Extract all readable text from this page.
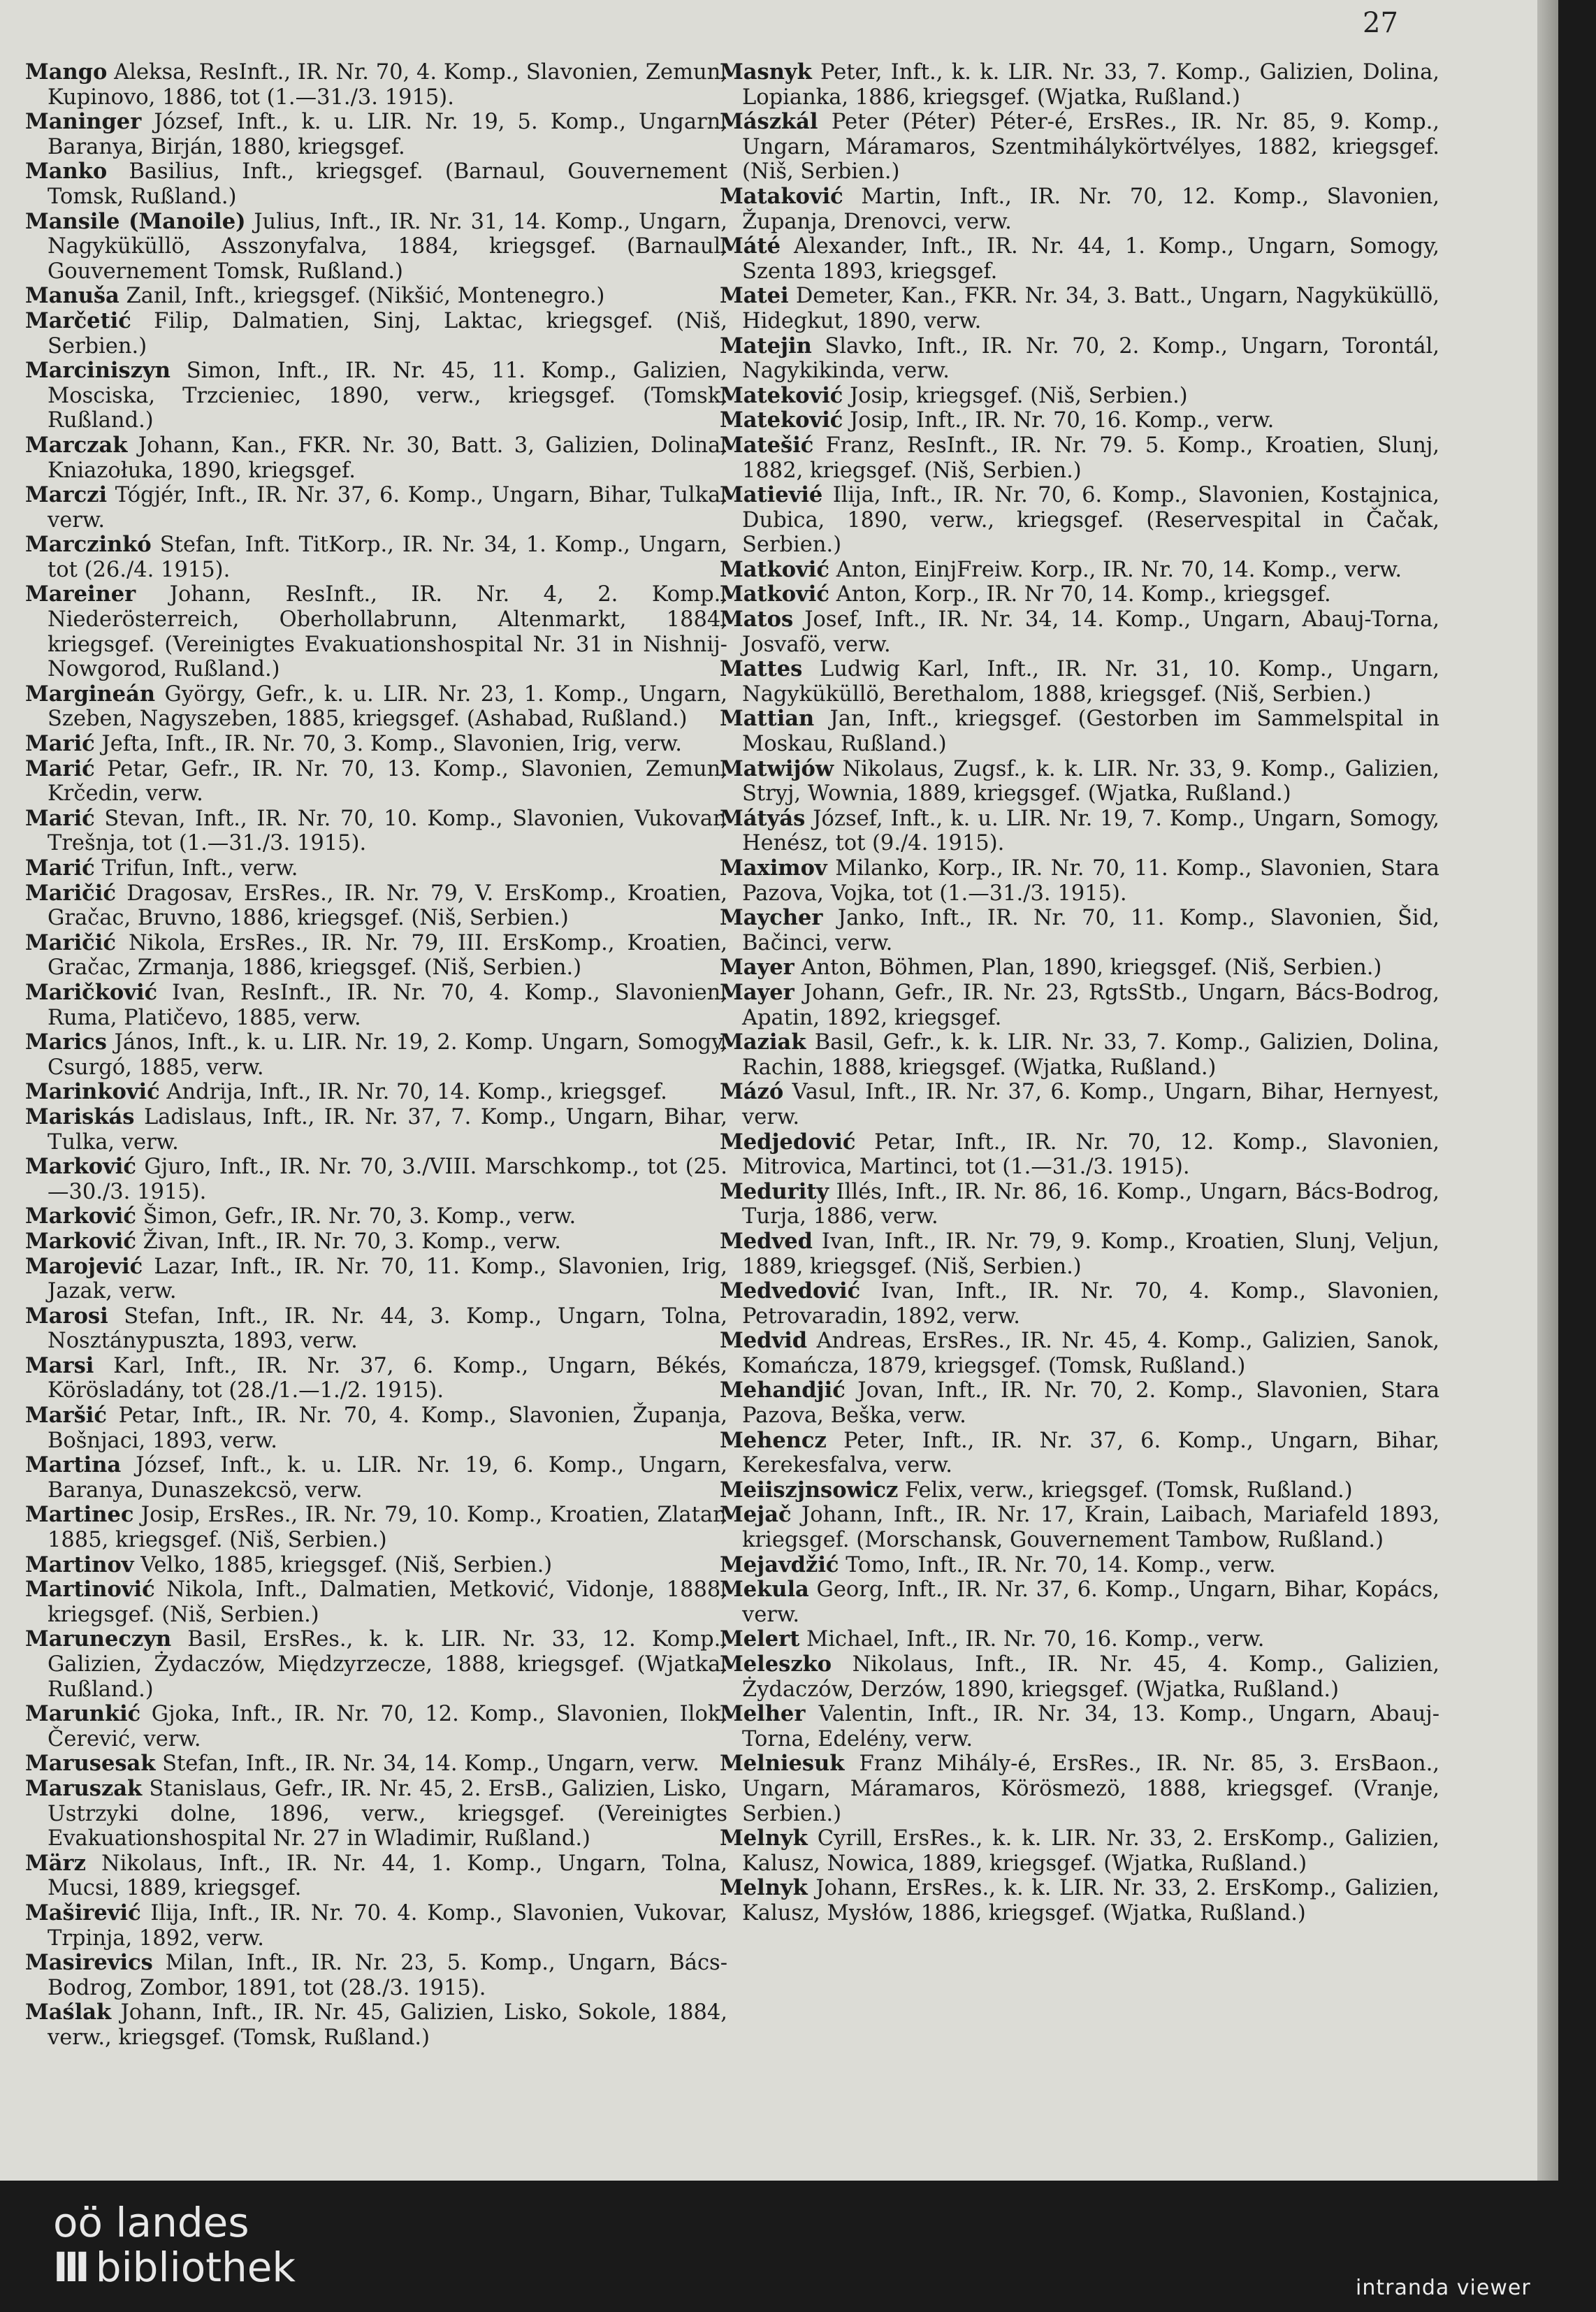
27

Mango Aleksa, ResInft., IR. Nr. 70, 4. Komp., Slavonien, Zemun, Kupinovo, 1886, tot (1.—31./3. 1915).

Maninger József, Inft., k. u. LIR. Nr. 19, 5. Komp., Ungarn, Baranya, Birján, 1880, kriegsgef.

Manko Basilius, Inft., kriegsgef. (Barnaul, Gouvernement Tomsk, Rußland.)

Mansile (Manoile) Julius, Inft., IR. Nr. 31, 14. Komp., Ungarn, Nagyküküllö, Asszonyfalva, 1884, kriegsgef. (Barnaul, Gouvernement Tomsk, Rußland.)

Manuša Zanil, Inft., kriegsgef. (Nikšić, Montenegro.)

Marčetić Filip, Dalmatien, Sinj, Laktac, kriegsgef. (Niš, Serbien.)

Marciniszyn Simon, Inft., IR. Nr. 45, 11. Komp., Galizien, Mosciska, Trzcieniec, 1890, verw., kriegsgef. (Tomsk, Rußland.)

Marczak Johann, Kan., FKR. Nr. 30, Batt. 3, Galizien, Dolina, Kniazołuka, 1890, kriegsgef.

Marczi Tógjér, Inft., IR. Nr. 37, 6. Komp., Ungarn, Bihar, Tulka, verw.

Marczinkó Stefan, Inft. TitKorp., IR. Nr. 34, 1. Komp., Ungarn, tot (26./4. 1915).

Mareiner Johann, ResInft., IR. Nr. 4, 2. Komp., Niederösterreich, Oberhollabrunn, Altenmarkt, 1884, kriegsgef. (Vereinigtes Evakuationshospital Nr. 31 in Nishnij-Nowgorod, Rußland.)

Margineán György, Gefr., k. u. LIR. Nr. 23, 1. Komp., Ungarn, Szeben, Nagyszeben, 1885, kriegsgef. (Ashabad, Rußland.)

Marić Jefta, Inft., IR. Nr. 70, 3. Komp., Slavonien, Irig, verw.

Marić Petar, Gefr., IR. Nr. 70, 13. Komp., Slavonien, Zemun, Krčedin, verw.

Marić Stevan, Inft., IR. Nr. 70, 10. Komp., Slavonien, Vukovar, Trešnja, tot (1.—31./3. 1915).

Marić Trifun, Inft., verw.

Maričić Dragosav, ErsRes., IR. Nr. 79, V. ErsKomp., Kroatien, Gračac, Bruvno, 1886, kriegsgef. (Niš, Serbien.)

Maričić Nikola, ErsRes., IR. Nr. 79, III. ErsKomp., Kroatien, Gračac, Zrmanja, 1886, kriegsgef. (Niš, Serbien.)

Maričković Ivan, ResInft., IR. Nr. 70, 4. Komp., Slavonien, Ruma, Platičevo, 1885, verw.

Marics János, Inft., k. u. LIR. Nr. 19, 2. Komp. Ungarn, Somogy, Csurgó, 1885, verw.

Marinković Andrija, Inft., IR. Nr. 70, 14. Komp., kriegsgef.

Mariskás Ladislaus, Inft., IR. Nr. 37, 7. Komp., Ungarn, Bihar, Tulka, verw.

Marković Gjuro, Inft., IR. Nr. 70, 3./VIII. Marschkomp., tot (25.—30./3. 1915).

Marković Šimon, Gefr., IR. Nr. 70, 3. Komp., verw.

Marković Živan, Inft., IR. Nr. 70, 3. Komp., verw.

Marojević Lazar, Inft., IR. Nr. 70, 11. Komp., Slavonien, Irig, Jazak, verw.

Marosi Stefan, Inft., IR. Nr. 44, 3. Komp., Ungarn, Tolna, Nosztánypuszta, 1893, verw.

Marsi Karl, Inft., IR. Nr. 37, 6. Komp., Ungarn, Békés, Körösladány, tot (28./1.—1./2. 1915).

Maršić Petar, Inft., IR. Nr. 70, 4. Komp., Slavonien, Županja, Bošnjaci, 1893, verw.

Martina József, Inft., k. u. LIR. Nr. 19, 6. Komp., Ungarn, Baranya, Dunaszekcsö, verw.

Martinec Josip, ErsRes., IR. Nr. 79, 10. Komp., Kroatien, Zlatar, 1885, kriegsgef. (Niš, Serbien.)

Martinov Velko, 1885, kriegsgef. (Niš, Serbien.)

Martinović Nikola, Inft., Dalmatien, Metković, Vidonje, 1888, kriegsgef. (Niš, Serbien.)

Maruneczyn Basil, ErsRes., k. k. LIR. Nr. 33, 12. Komp., Galizien, Żydaczów, Międzyrzecze, 1888, kriegsgef. (Wjatka, Rußland.)

Marunkić Gjoka, Inft., IR. Nr. 70, 12. Komp., Slavonien, Ilok, Čerević, verw.

Marusesak Stefan, Inft., IR. Nr. 34, 14. Komp., Ungarn, verw.

Maruszak Stanislaus, Gefr., IR. Nr. 45, 2. ErsB., Galizien, Lisko, Ustrzyki dolne, 1896, verw., kriegsgef. (Vereinigtes Evakuationshospital Nr. 27 in Wladimir, Rußland.)

März Nikolaus, Inft., IR. Nr. 44, 1. Komp., Ungarn, Tolna, Mucsi, 1889, kriegsgef.

Maširević Ilija, Inft., IR. Nr. 70. 4. Komp., Slavonien, Vukovar, Trpinja, 1892, verw.

Masirevics Milan, Inft., IR. Nr. 23, 5. Komp., Ungarn, Bács-Bodrog, Zombor, 1891, tot (28./3. 1915).

Maślak Johann, Inft., IR. Nr. 45, Galizien, Lisko, Sokole, 1884, verw., kriegsgef. (Tomsk, Rußland.)

Masnyk Peter, Inft., k. k. LIR. Nr. 33, 7. Komp., Galizien, Dolina, Lopianka, 1886, kriegsgef. (Wjatka, Rußland.)

Mászkál Peter (Péter) Péter-é, ErsRes., IR. Nr. 85, 9. Komp., Ungarn, Máramaros, Szentmihálykörtvélyes, 1882, kriegsgef. (Niš, Serbien.)

Mataković Martin, Inft., IR. Nr. 70, 12. Komp., Slavonien, Županja, Drenovci, verw.

Máté Alexander, Inft., IR. Nr. 44, 1. Komp., Ungarn, Somogy, Szenta 1893, kriegsgef.

Matei Demeter, Kan., FKR. Nr. 34, 3. Batt., Ungarn, Nagyküküllö, Hidegkut, 1890, verw.

Matejin Slavko, Inft., IR. Nr. 70, 2. Komp., Ungarn, Torontál, Nagykikinda, verw.

Mateković Josip, kriegsgef. (Niš, Serbien.)

Mateković Josip, Inft., IR. Nr. 70, 16. Komp., verw.

Matešić Franz, ResInft., IR. Nr. 79. 5. Komp., Kroatien, Slunj, 1882, kriegsgef. (Niš, Serbien.)

Matievié Ilija, Inft., IR. Nr. 70, 6. Komp., Slavonien, Kostajnica, Dubica, 1890, verw., kriegsgef. (Reservespital in Čačak, Serbien.)

Matković Anton, EinjFreiw. Korp., IR. Nr. 70, 14. Komp., verw.

Matković Anton, Korp., IR. Nr 70, 14. Komp., kriegsgef.

Matos Josef, Inft., IR. Nr. 34, 14. Komp., Ungarn, Abauj-Torna, Josvafö, verw.

Mattes Ludwig Karl, Inft., IR. Nr. 31, 10. Komp., Ungarn, Nagyküküllö, Berethalom, 1888, kriegsgef. (Niš, Serbien.)

Mattian Jan, Inft., kriegsgef. (Gestorben im Sammelspital in Moskau, Rußland.)

Matwijów Nikolaus, Zugsf., k. k. LIR. Nr. 33, 9. Komp., Galizien, Stryj, Wownia, 1889, kriegsgef. (Wjatka, Rußland.)

Mátyás József, Inft., k. u. LIR. Nr. 19, 7. Komp., Ungarn, Somogy, Henész, tot (9./4. 1915).

Maximov Milanko, Korp., IR. Nr. 70, 11. Komp., Slavonien, Stara Pazova, Vojka, tot (1.—31./3. 1915).

Maycher Janko, Inft., IR. Nr. 70, 11. Komp., Slavonien, Šid, Bačinci, verw.

Mayer Anton, Böhmen, Plan, 1890, kriegsgef. (Niš, Serbien.)

Mayer Johann, Gefr., IR. Nr. 23, RgtsStb., Ungarn, Bács-Bodrog, Apatin, 1892, kriegsgef.

Maziak Basil, Gefr., k. k. LIR. Nr. 33, 7. Komp., Galizien, Dolina, Rachin, 1888, kriegsgef. (Wjatka, Rußland.)

Mázó Vasul, Inft., IR. Nr. 37, 6. Komp., Ungarn, Bihar, Hernyest, verw.

Medjedović Petar, Inft., IR. Nr. 70, 12. Komp., Slavonien, Mitrovica, Martinci, tot (1.—31./3. 1915).

Medurity Illés, Inft., IR. Nr. 86, 16. Komp., Ungarn, Bács-Bodrog, Turja, 1886, verw.

Medved Ivan, Inft., IR. Nr. 79, 9. Komp., Kroatien, Slunj, Veljun, 1889, kriegsgef. (Niš, Serbien.)

Medvedović Ivan, Inft., IR. Nr. 70, 4. Komp., Slavonien, Petrovaradin, 1892, verw.

Medvid Andreas, ErsRes., IR. Nr. 45, 4. Komp., Galizien, Sanok, Komańcza, 1879, kriegsgef. (Tomsk, Rußland.)

Mehandjić Jovan, Inft., IR. Nr. 70, 2. Komp., Slavonien, Stara Pazova, Beška, verw.

Mehencz Peter, Inft., IR. Nr. 37, 6. Komp., Ungarn, Bihar, Kerekesfalva, verw.

Meiiszjnsowicz Felix, verw., kriegsgef. (Tomsk, Rußland.)

Mejač Johann, Inft., IR. Nr. 17, Krain, Laibach, Mariafeld 1893, kriegsgef. (Morschansk, Gouvernement Tambow, Rußland.)

Mejavdžić Tomo, Inft., IR. Nr. 70, 14. Komp., verw.

Mekula Georg, Inft., IR. Nr. 37, 6. Komp., Ungarn, Bihar, Kopács, verw.

Melert Michael, Inft., IR. Nr. 70, 16. Komp., verw.

Meleszko Nikolaus, Inft., IR. Nr. 45, 4. Komp., Galizien, Żydaczów, Derzów, 1890, kriegsgef. (Wjatka, Rußland.)

Melher Valentin, Inft., IR. Nr. 34, 13. Komp., Ungarn, Abauj-Torna, Edelény, verw.

Melniesuk Franz Mihály-é, ErsRes., IR. Nr. 85, 3. ErsBaon., Ungarn, Máramaros, Körösmezö, 1888, kriegsgef. (Vranje, Serbien.)

Melnyk Cyrill, ErsRes., k. k. LIR. Nr. 33, 2. ErsKomp., Galizien, Kalusz, Nowica, 1889, kriegsgef. (Wjatka, Rußland.)

Melnyk Johann, ErsRes., k. k. LIR. Nr. 33, 2. ErsKomp., Galizien, Kalusz, Mysłów, 1886, kriegsgef. (Wjatka, Rußland.)

oö landes
III bibliothek	intranda viewer
